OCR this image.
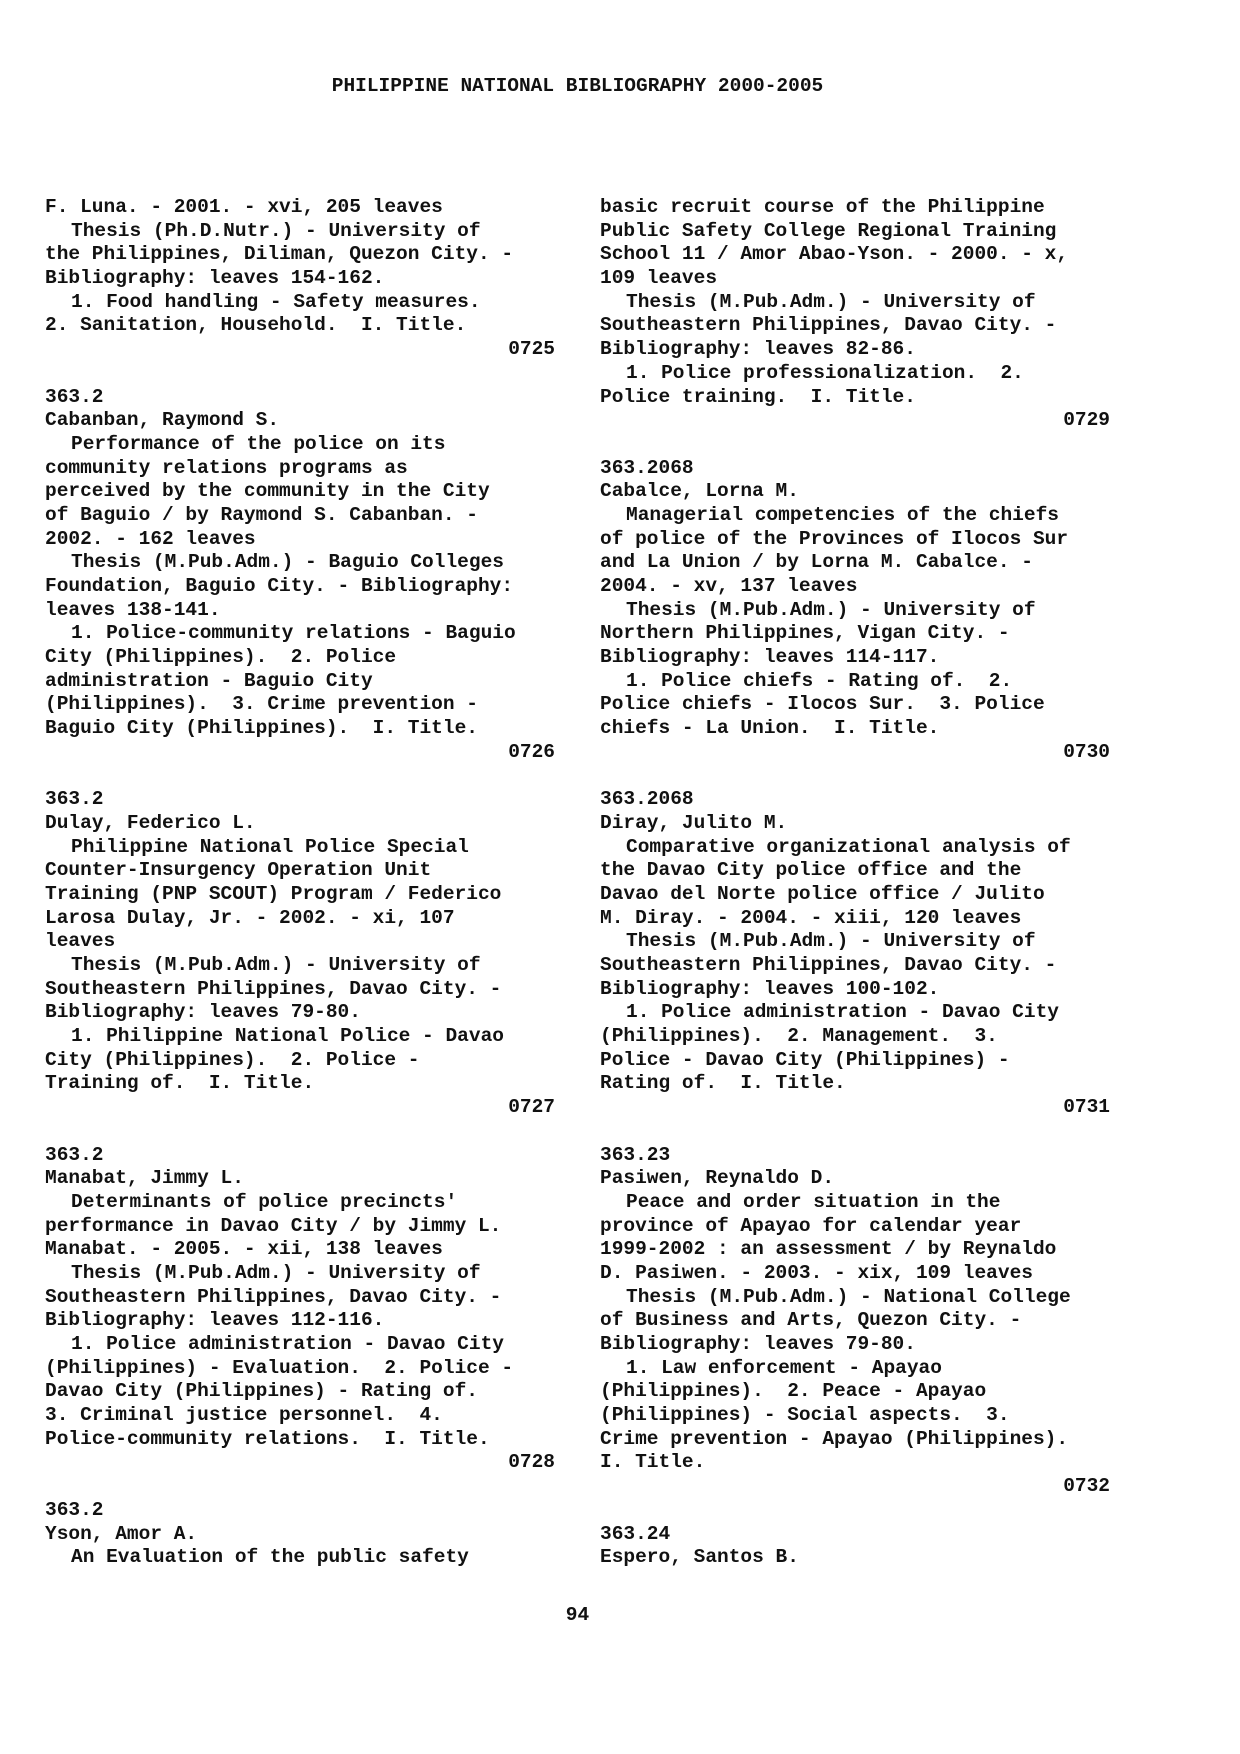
PHILIPPINE NATIONAL BIBLIOGRAPHY 2000-2005
F. Luna. - 2001. - xvi, 205 leaves
Thesis (Ph.D.Nutr.) - University of
the Philippines, Diliman, Quezon City. -
Bibliography: leaves 154-162.
1. Food handling - Safety measures.
2. Sanitation, Household.  I. Title.
0725
363.2
Cabanban, Raymond S.
Performance of the police on its
community relations programs as
perceived by the community in the City
of Baguio / by Raymond S. Cabanban. -
2002. - 162 leaves
Thesis (M.Pub.Adm.) - Baguio Colleges
Foundation, Baguio City. - Bibliography:
leaves 138-141.
1. Police-community relations - Baguio
City (Philippines).  2. Police
administration - Baguio City
(Philippines).  3. Crime prevention -
Baguio City (Philippines).  I. Title.
0726
363.2
Dulay, Federico L.
Philippine National Police Special
Counter-Insurgency Operation Unit
Training (PNP SCOUT) Program / Federico
Larosa Dulay, Jr. - 2002. - xi, 107
leaves
Thesis (M.Pub.Adm.) - University of
Southeastern Philippines, Davao City. -
Bibliography: leaves 79-80.
1. Philippine National Police - Davao
City (Philippines).  2. Police -
Training of.  I. Title.
0727
363.2
Manabat, Jimmy L.
Determinants of police precincts'
performance in Davao City / by Jimmy L.
Manabat. - 2005. - xii, 138 leaves
Thesis (M.Pub.Adm.) - University of
Southeastern Philippines, Davao City. -
Bibliography: leaves 112-116.
1. Police administration - Davao City
(Philippines) - Evaluation.  2. Police -
Davao City (Philippines) - Rating of.
3. Criminal justice personnel.  4.
Police-community relations.  I. Title.
0728
363.2
Yson, Amor A.
An Evaluation of the public safety
basic recruit course of the Philippine
Public Safety College Regional Training
School 11 / Amor Abao-Yson. - 2000. - x,
109 leaves
Thesis (M.Pub.Adm.) - University of
Southeastern Philippines, Davao City. -
Bibliography: leaves 82-86.
1. Police professionalization.  2.
Police training.  I. Title.
0729
363.2068
Cabalce, Lorna M.
Managerial competencies of the chiefs
of police of the Provinces of Ilocos Sur
and La Union / by Lorna M. Cabalce. -
2004. - xv, 137 leaves
Thesis (M.Pub.Adm.) - University of
Northern Philippines, Vigan City. -
Bibliography: leaves 114-117.
1. Police chiefs - Rating of.  2.
Police chiefs - Ilocos Sur.  3. Police
chiefs - La Union.  I. Title.
0730
363.2068
Diray, Julito M.
Comparative organizational analysis of
the Davao City police office and the
Davao del Norte police office / Julito
M. Diray. - 2004. - xiii, 120 leaves
Thesis (M.Pub.Adm.) - University of
Southeastern Philippines, Davao City. -
Bibliography: leaves 100-102.
1. Police administration - Davao City
(Philippines).  2. Management.  3.
Police - Davao City (Philippines) -
Rating of.  I. Title.
0731
363.23
Pasiwen, Reynaldo D.
Peace and order situation in the
province of Apayao for calendar year
1999-2002 : an assessment / by Reynaldo
D. Pasiwen. - 2003. - xix, 109 leaves
Thesis (M.Pub.Adm.) - National College
of Business and Arts, Quezon City. -
Bibliography: leaves 79-80.
1. Law enforcement - Apayao
(Philippines).  2. Peace - Apayao
(Philippines) - Social aspects.  3.
Crime prevention - Apayao (Philippines).
I. Title.
0732
363.24
Espero, Santos B.
94
